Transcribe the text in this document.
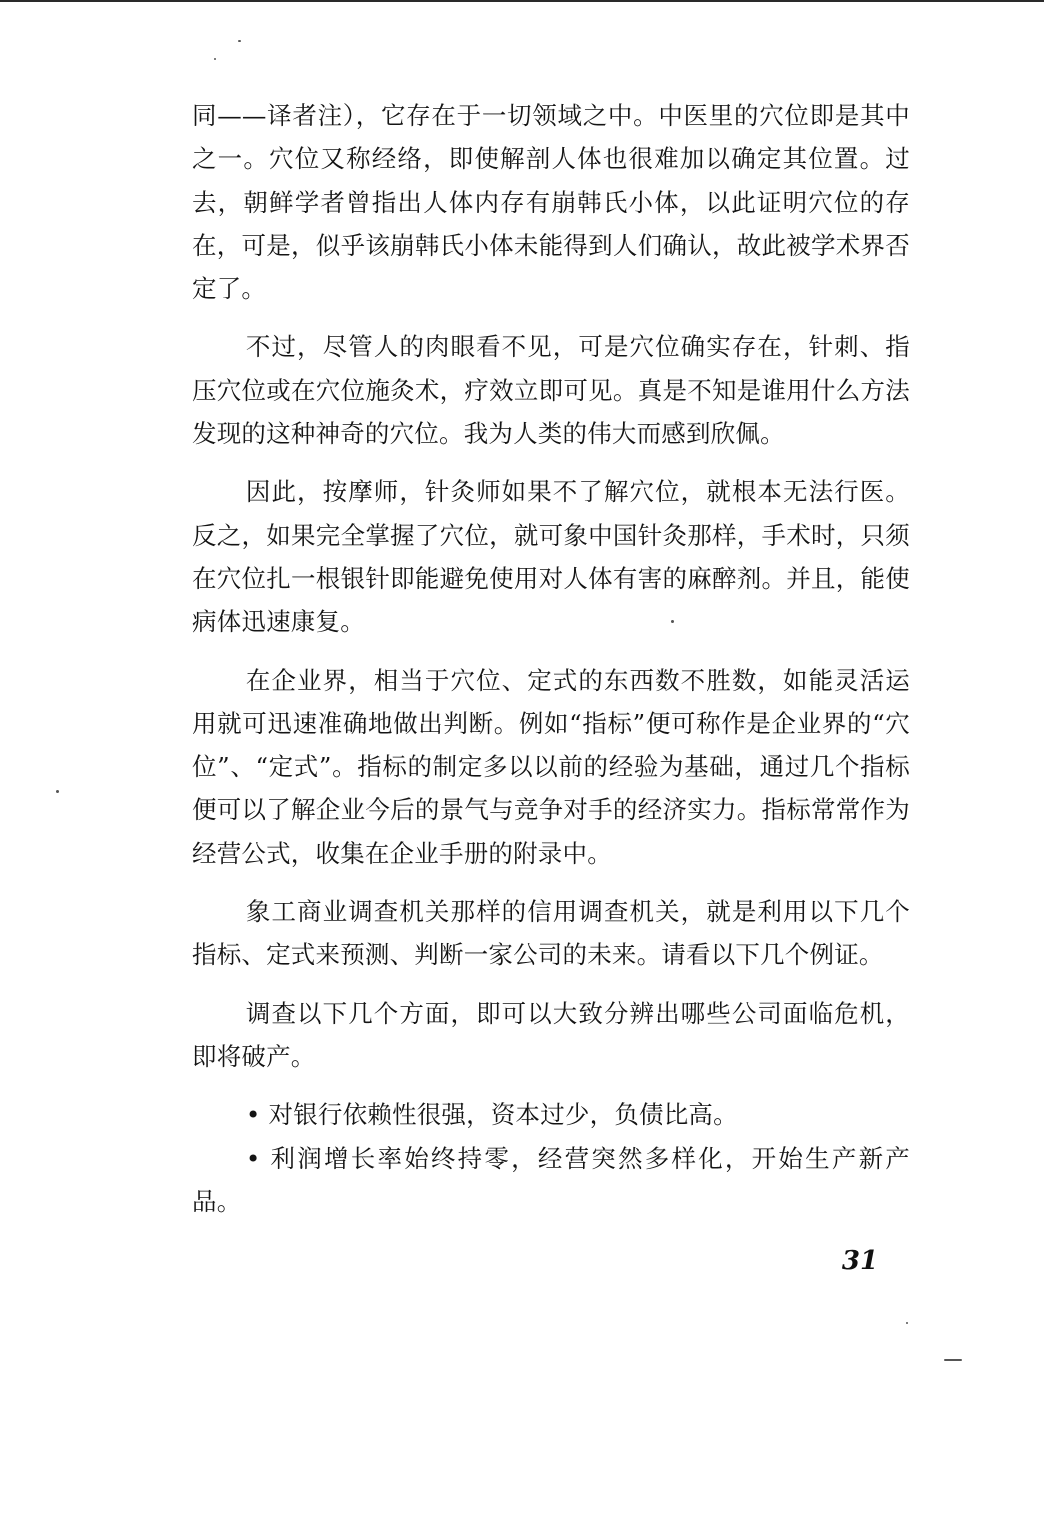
同——译者注），它存在于一切领域之中。中医里的穴位即是其中之一。穴位又称经络，即使解剖人体也很难加以确定其位置。过去，朝鲜学者曾指出人体内存有崩韩氏小体，以此证明穴位的存在，可是，似乎该崩韩氏小体未能得到人们确认，故此被学术界否定了。

不过，尽管人的肉眼看不见，可是穴位确实存在，针刺、指压穴位或在穴位施灸术，疗效立即可见。真是不知是谁用什么方法发现的这种神奇的穴位。我为人类的伟大而感到欣佩。

因此，按摩师，针灸师如果不了解穴位，就根本无法行医。反之，如果完全掌握了穴位，就可象中国针灸那样，手术时，只须在穴位扎一根银针即能避免使用对人体有害的麻醉剂。并且，能使病体迅速康复。

在企业界，相当于穴位、定式的东西数不胜数，如能灵活运用就可迅速准确地做出判断。例如“指标”便可称作是企业界的“穴位”、“定式”。指标的制定多以以前的经验为基础，通过几个指标便可以了解企业今后的景气与竞争对手的经济实力。指标常常作为经营公式，收集在企业手册的附录中。

象工商业调查机关那样的信用调查机关，就是利用以下几个指标、定式来预测、判断一家公司的未来。请看以下几个例证。

调查以下几个方面，即可以大致分辨出哪些公司面临危机，即将破产。

• 对银行依赖性很强，资本过少，负债比高。

• 利润增长率始终持零，经营突然多样化，开始生产新产品。

31
